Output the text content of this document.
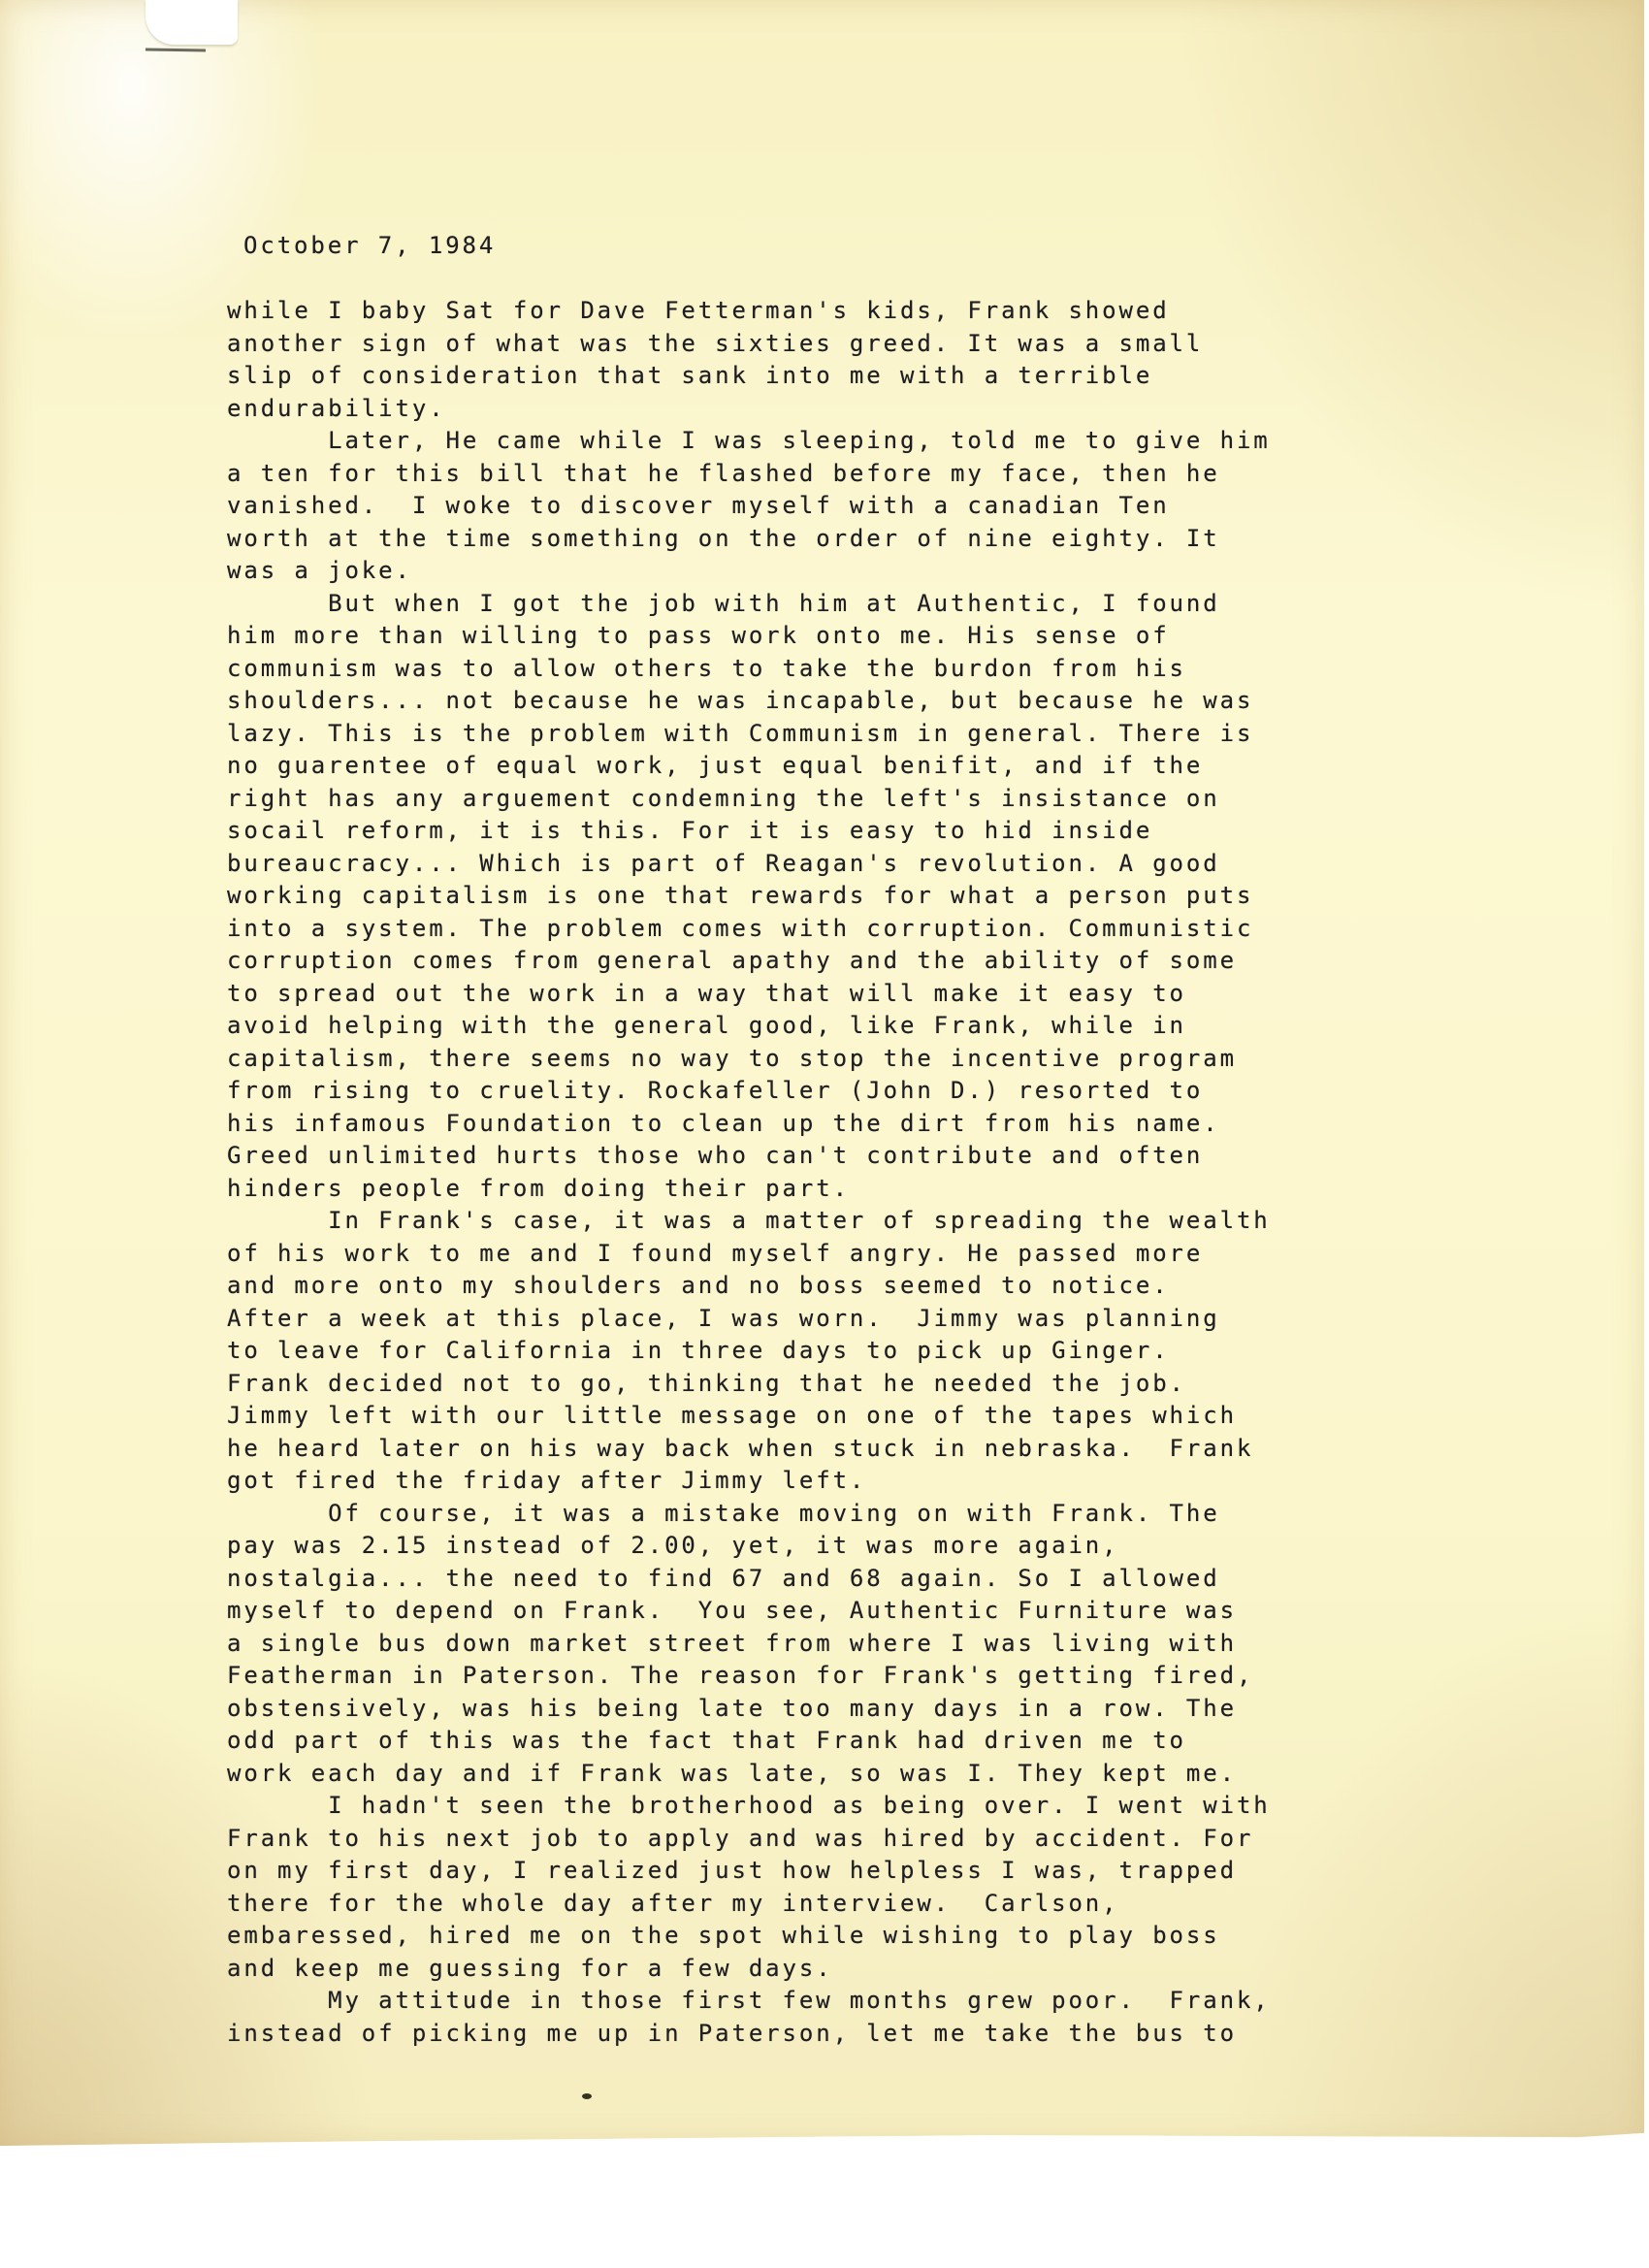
October 7, 1984

while I baby Sat for Dave Fetterman's kids, Frank showed
another sign of what was the sixties greed. It was a small
slip of consideration that sank into me with a terrible
endurability.
Later, He came while I was sleeping, told me to give him
a ten for this bill that he flashed before my face, then he
vanished.  I woke to discover myself with a canadian Ten
worth at the time something on the order of nine eighty. It
was a joke.
But when I got the job with him at Authentic, I found
him more than willing to pass work onto me. His sense of
communism was to allow others to take the burdon from his
shoulders... not because he was incapable, but because he was
lazy. This is the problem with Communism in general. There is
no guarentee of equal work, just equal benifit, and if the
right has any arguement condemning the left's insistance on
socail reform, it is this. For it is easy to hid inside
bureaucracy... Which is part of Reagan's revolution. A good
working capitalism is one that rewards for what a person puts
into a system. The problem comes with corruption. Communistic
corruption comes from general apathy and the ability of some
to spread out the work in a way that will make it easy to
avoid helping with the general good, like Frank, while in
capitalism, there seems no way to stop the incentive program
from rising to cruelity. Rockafeller (John D.) resorted to
his infamous Foundation to clean up the dirt from his name.
Greed unlimited hurts those who can't contribute and often
hinders people from doing their part.
In Frank's case, it was a matter of spreading the wealth
of his work to me and I found myself angry. He passed more
and more onto my shoulders and no boss seemed to notice.
After a week at this place, I was worn.  Jimmy was planning
to leave for California in three days to pick up Ginger.
Frank decided not to go, thinking that he needed the job.
Jimmy left with our little message on one of the tapes which
he heard later on his way back when stuck in nebraska.  Frank
got fired the friday after Jimmy left.
Of course, it was a mistake moving on with Frank. The
pay was 2.15 instead of 2.00, yet, it was more again,
nostalgia... the need to find 67 and 68 again. So I allowed
myself to depend on Frank.  You see, Authentic Furniture was
a single bus down market street from where I was living with
Featherman in Paterson. The reason for Frank's getting fired,
obstensively, was his being late too many days in a row. The
odd part of this was the fact that Frank had driven me to
work each day and if Frank was late, so was I. They kept me.
I hadn't seen the brotherhood as being over. I went with
Frank to his next job to apply and was hired by accident. For
on my first day, I realized just how helpless I was, trapped
there for the whole day after my interview.  Carlson,
embaressed, hired me on the spot while wishing to play boss
and keep me guessing for a few days.
My attitude in those first few months grew poor.  Frank,
instead of picking me up in Paterson, let me take the bus to
